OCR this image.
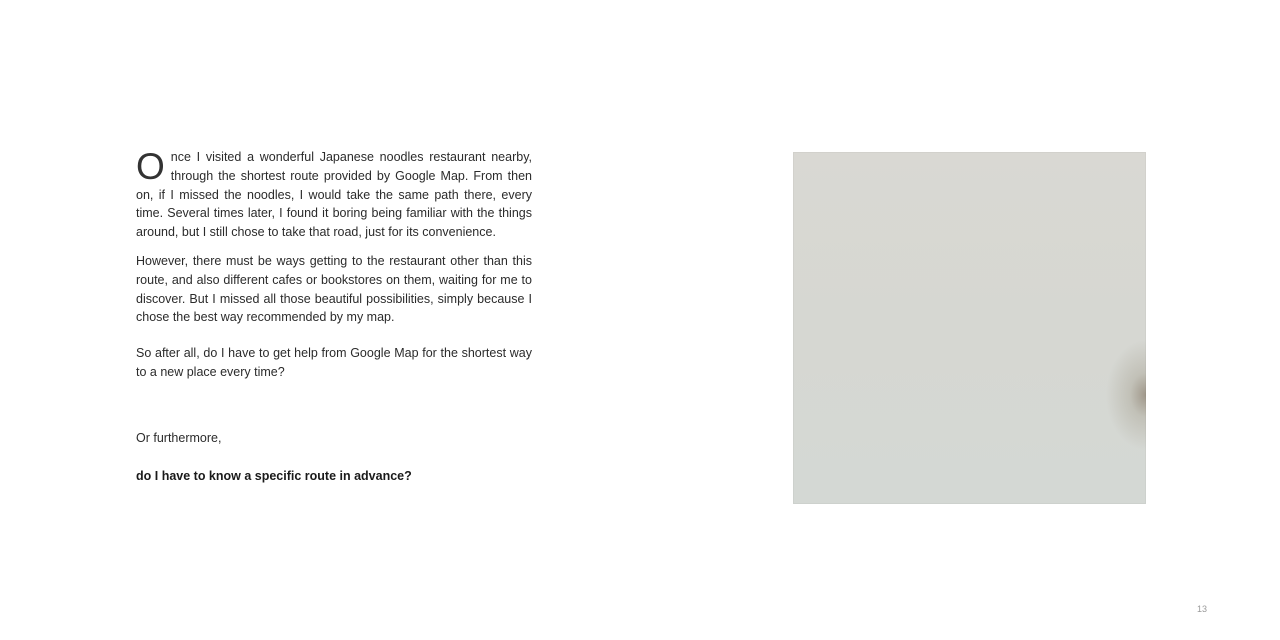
O nce I visited a wonderful Japanese noodles restaurant nearby, through the shortest route provided by Google Map. From then on, if I missed the noodles, I would take the same path there, every time. Several times later, I found it boring being familiar with the things around, but I still chose to take that road, just for its convenience.

However, there must be ways getting to the restaurant other than this route, and also different cafes or bookstores on them, waiting for me to discover. But I missed all those beautiful possibilities, simply because I chose the best way recommended by my map.

So after all, do I have to get help from Google Map for the shortest way to a new place every time?

Or furthermore,

do I have to know a specific route in advance?

13
